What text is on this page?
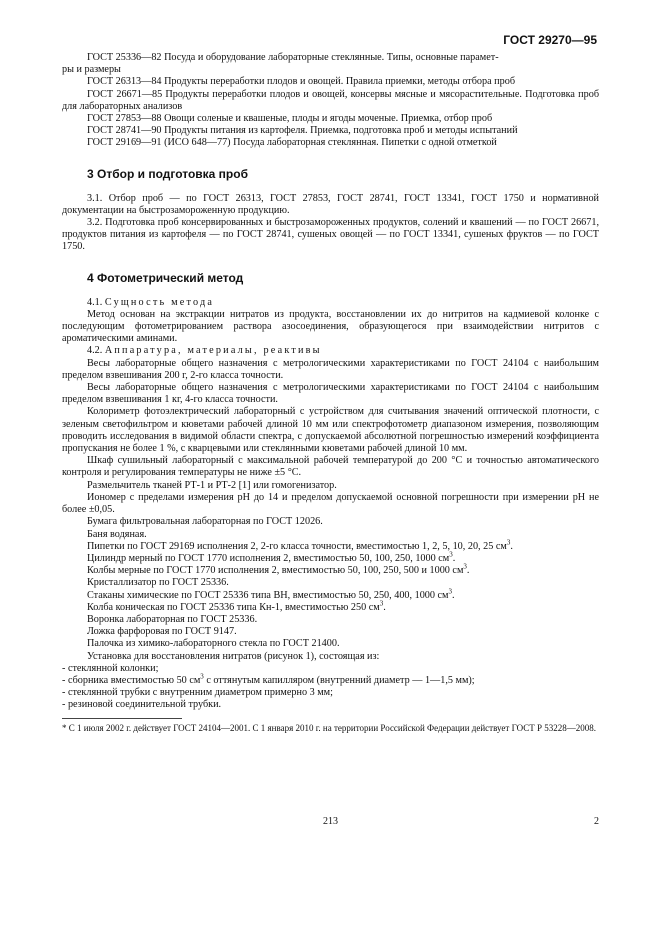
ГОСТ 29270—95

ГОСТ 25336—82 Посуда и оборудование лабораторные стеклянные. Типы, основные парамет-
ры и размеры

ГОСТ 26313—84 Продукты переработки плодов и овощей. Правила приемки, методы отбора проб

ГОСТ 26671—85 Продукты переработки плодов и овощей, консервы мясные и мясорастительные. Подготовка проб для лабораторных анализов

ГОСТ 27853—88 Овощи соленые и квашеные, плоды и ягоды моченые. Приемка, отбор проб

ГОСТ 28741—90 Продукты питания из картофеля. Приемка, подготовка проб и методы испытаний

ГОСТ 29169—91 (ИСО 648—77) Посуда лабораторная стеклянная. Пипетки с одной отметкой

3 Отбор и подготовка проб

3.1. Отбор проб — по ГОСТ 26313, ГОСТ 27853, ГОСТ 28741, ГОСТ 13341, ГОСТ 1750 и нормативной документации на быстрозамороженную продукцию.

3.2. Подготовка проб консервированных и быстрозамороженных продуктов, солений и квашений — по ГОСТ 26671, продуктов питания из картофеля — по ГОСТ 28741, сушеных овощей — по ГОСТ 13341, сушеных фруктов — по ГОСТ 1750.

4 Фотометрический метод

4.1. Сущность метода

Метод основан на экстракции нитратов из продукта, восстановлении их до нитритов на кадмиевой колонке с последующим фотометрированием раствора азосоединения, образующегося при взаимодействии нитритов с ароматическими аминами.

4.2. Аппаратура, материалы, реактивы

Весы лабораторные общего назначения с метрологическими характеристиками по ГОСТ 24104 с наибольшим пределом взвешивания 200 г, 2-го класса точности.

Весы лабораторные общего назначения с метрологическими характеристиками по ГОСТ 24104 с наибольшим пределом взвешивания 1 кг, 4-го класса точности.

Колориметр фотоэлектрический лабораторный с устройством для считывания значений оптической плотности, с зеленым светофильтром и кюветами рабочей длиной 10 мм или спектрофотометр диапазоном измерения, позволяющим проводить исследования в видимой области спектра, с допускаемой абсолютной погрешностью измерений коэффициента пропускания не более 1 %, с кварцевыми или стеклянными кюветами рабочей длиной 10 мм.

Шкаф сушильный лабораторный с максимальной рабочей температурой до 200 °С и точностью автоматического контроля и регулирования температуры не ниже ±5 °С.

Размельчитель тканей РТ-1 и РТ-2 [1] или гомогенизатор.

Иономер с пределами измерения рН до 14 и пределом допускаемой основной погрешности при измерении рН не более ±0,05.

Бумага фильтровальная лабораторная по ГОСТ 12026.

Баня водяная.

Пипетки по ГОСТ 29169 исполнения 2, 2-го класса точности, вместимостью 1, 2, 5, 10, 20, 25 $см^3$.

Цилиндр мерный по ГОСТ 1770 исполнения 2, вместимостью 50, 100, 250, 1000 $см^3$.

Колбы мерные по ГОСТ 1770 исполнения 2, вместимостью 50, 100, 250, 500 и 1000 $см^3$.

Кристаллизатор по ГОСТ 25336.

Стаканы химические по ГОСТ 25336 типа ВН, вместимостью 50, 250, 400, 1000 $см^3$.

Колба коническая по ГОСТ 25336 типа Кн-1, вместимостью 250 $см^3$.

Воронка лабораторная по ГОСТ 25336.

Ложка фарфоровая по ГОСТ 9147.

Палочка из химико-лабораторного стекла по ГОСТ 21400.

Установка для восстановления нитратов (рисунок 1), состоящая из:

- стеклянной колонки;

- сборника вместимостью 50 $см^3$ с оттянутым капилляром (внутренний диаметр — 1—1,5 мм);

- стеклянной трубки с внутренним диаметром примерно 3 мм;

- резиновой соединительной трубки.

* С 1 июля 2002 г. действует ГОСТ 24104—2001. С 1 января 2010 г. на территории Российской Федерации действует ГОСТ Р 53228—2008.

213	2
